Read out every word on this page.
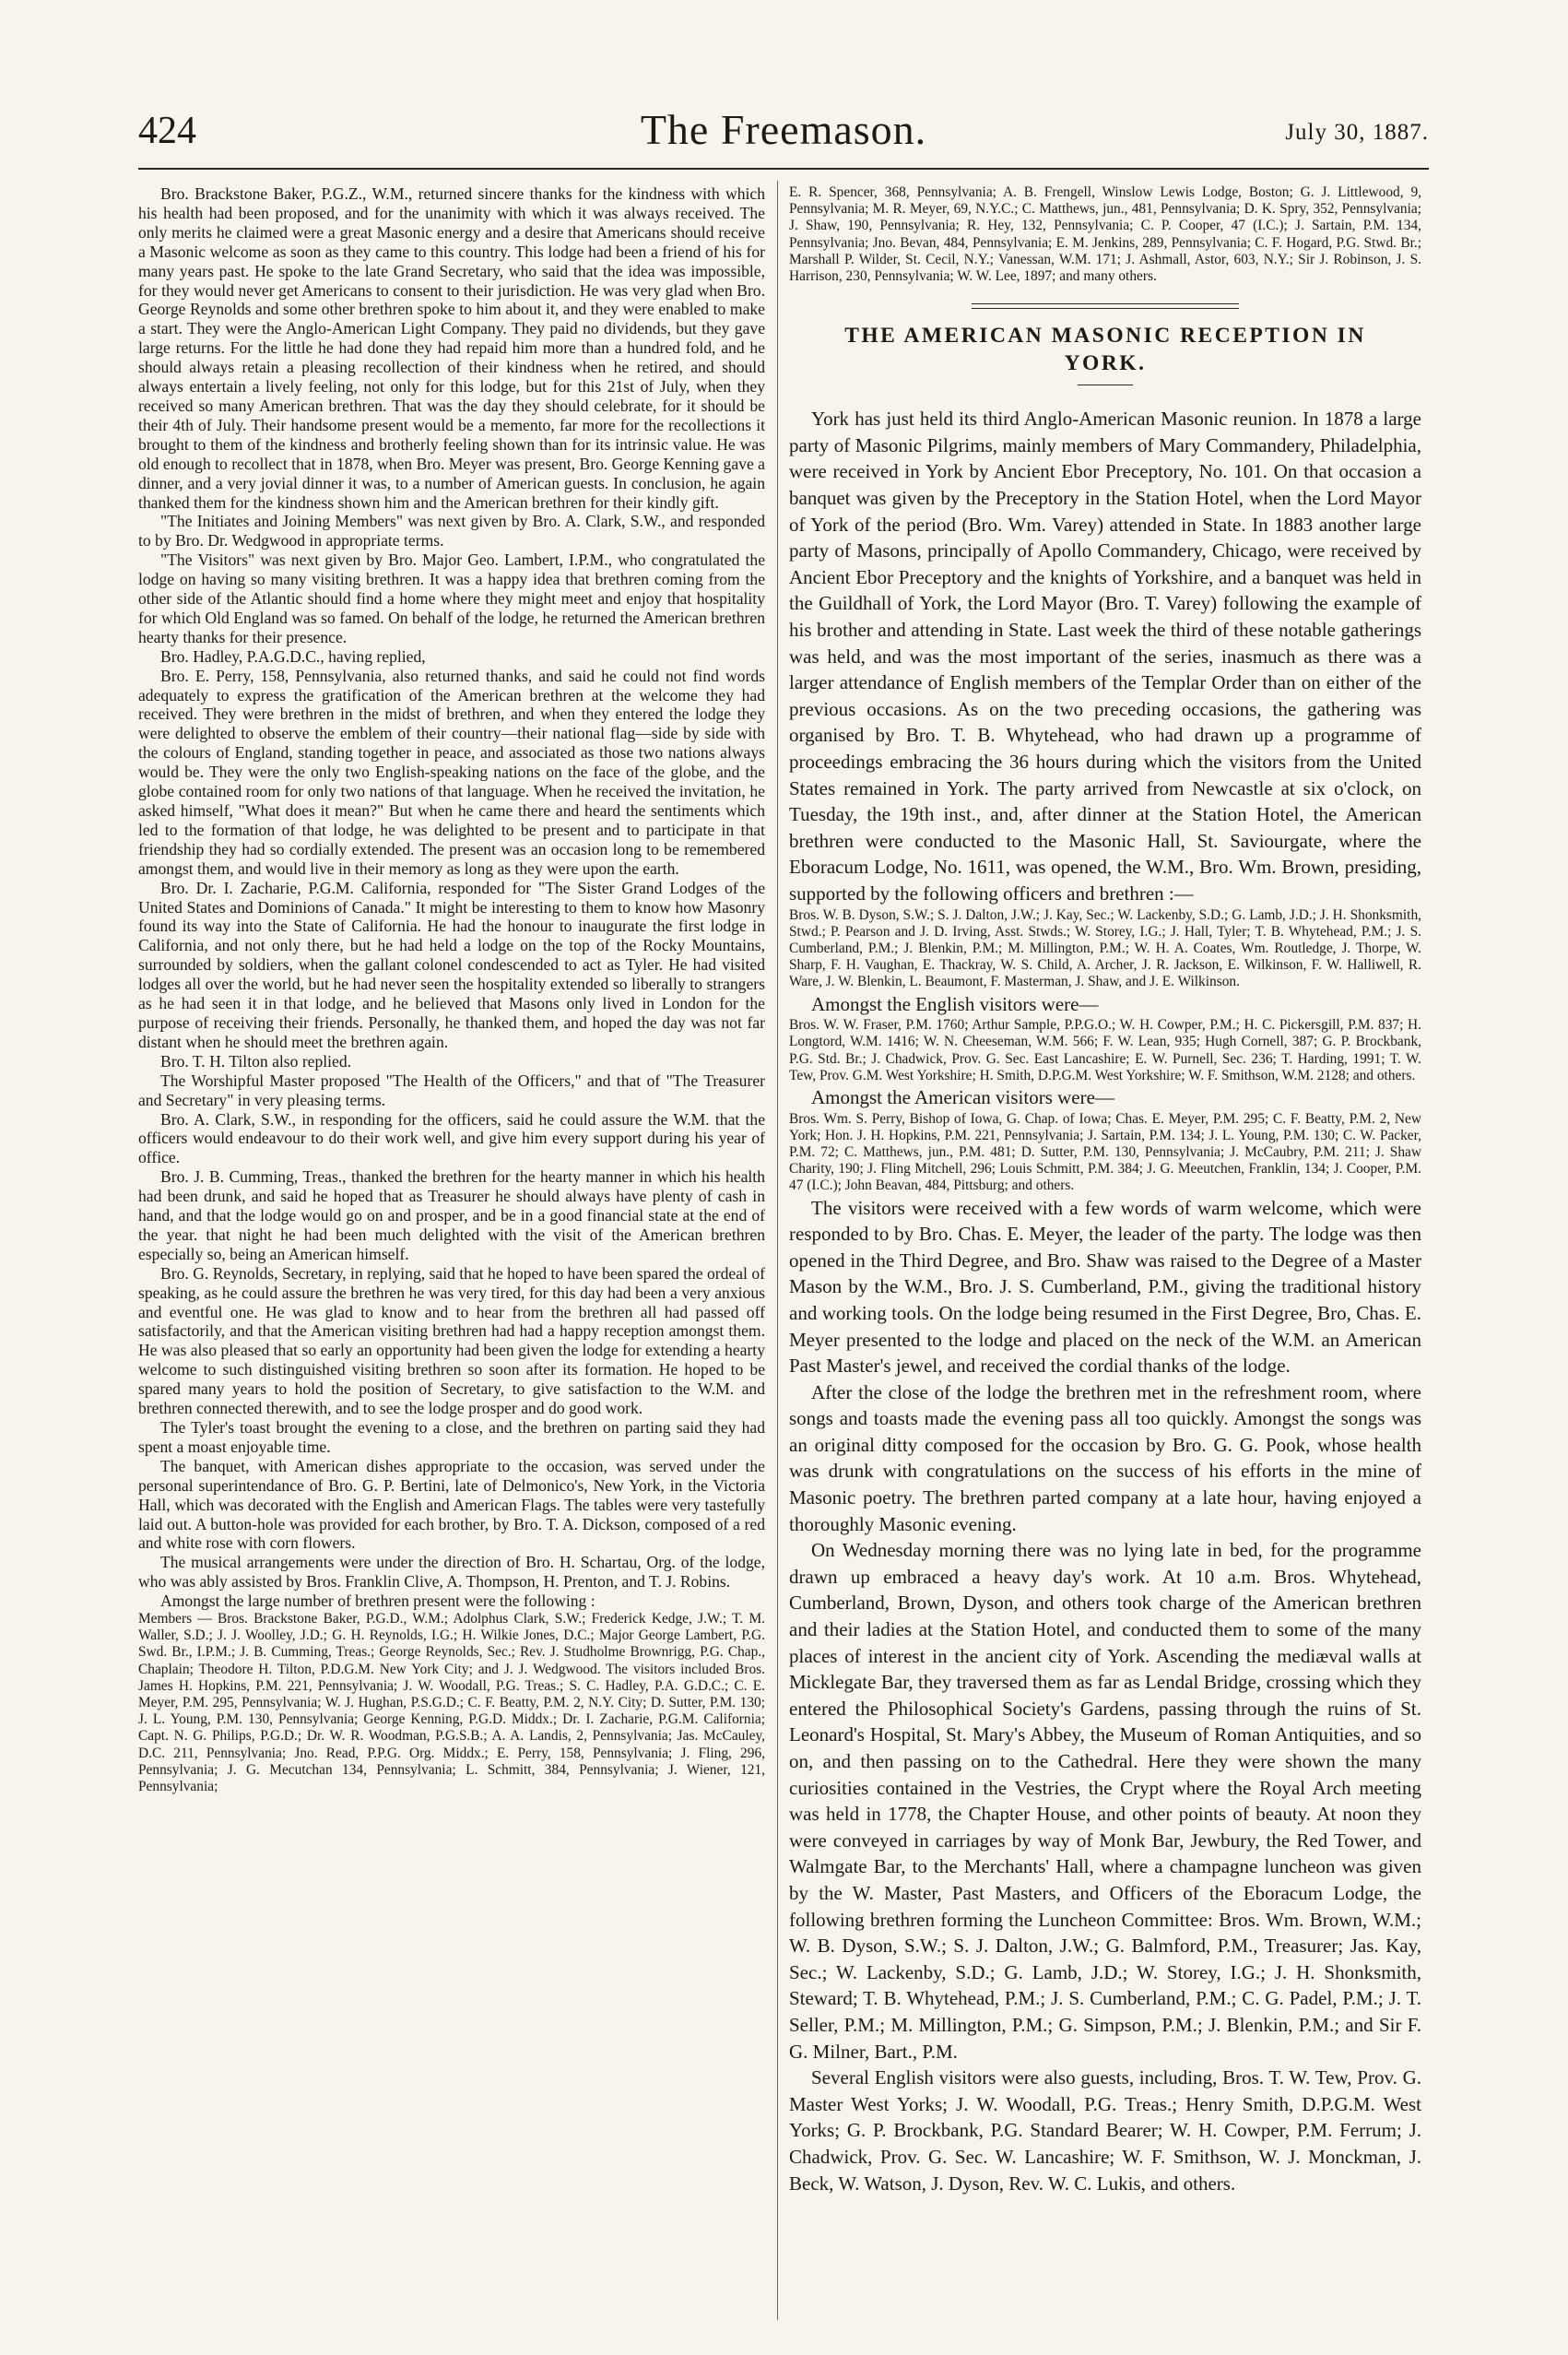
424	The Freemason.	July 30, 1887.

Bro. Brackstone Baker, P.G.Z., W.M., returned sincere thanks for the kindness with which his health had been proposed, and for the unanimity with which it was always received. The only merits he claimed were a great Masonic energy and a desire that Americans should receive a Masonic welcome as soon as they came to this country. This lodge had been a friend of his for many years past. He spoke to the late Grand Secretary, who said that the idea was impossible, for they would never get Americans to consent to their jurisdiction. He was very glad when Bro. George Reynolds and some other brethren spoke to him about it, and they were enabled to make a start. They were the Anglo-American Light Company. They paid no dividends, but they gave large returns. For the little he had done they had repaid him more than a hundred fold, and he should always retain a pleasing recollection of their kindness when he retired, and should always entertain a lively feeling, not only for this lodge, but for this 21st of July, when they received so many American brethren. That was the day they should celebrate, for it should be their 4th of July. Their handsome present would be a memento, far more for the recollections it brought to them of the kindness and brotherly feeling shown than for its intrinsic value. He was old enough to recollect that in 1878, when Bro. Meyer was present, Bro. George Kenning gave a dinner, and a very jovial dinner it was, to a number of American guests. In conclusion, he again thanked them for the kindness shown him and the American brethren for their kindly gift.

"The Initiates and Joining Members" was next given by Bro. A. Clark, S.W., and responded to by Bro. Dr. Wedgwood in appropriate terms.

"The Visitors" was next given by Bro. Major Geo. Lambert, I.P.M., who congratulated the lodge on having so many visiting brethren. It was a happy idea that brethren coming from the other side of the Atlantic should find a home where they might meet and enjoy that hospitality for which Old England was so famed. On behalf of the lodge, he returned the American brethren hearty thanks for their presence.

Bro. Hadley, P.A.G.D.C., having replied,

Bro. E. Perry, 158, Pennsylvania, also returned thanks, and said he could not find words adequately to express the gratification of the American brethren at the welcome they had received. They were brethren in the midst of brethren, and when they entered the lodge they were delighted to observe the emblem of their country—their national flag—side by side with the colours of England, standing together in peace, and associated as those two nations always would be. They were the only two English-speaking nations on the face of the globe, and the globe contained room for only two nations of that language. When he received the invitation, he asked himself, "What does it mean?" But when he came there and heard the sentiments which led to the formation of that lodge, he was delighted to be present and to participate in that friendship they had so cordially extended. The present was an occasion long to be remembered amongst them, and would live in their memory as long as they were upon the earth.

Bro. Dr. I. Zacharie, P.G.M. California, responded for "The Sister Grand Lodges of the United States and Dominions of Canada." It might be interesting to them to know how Masonry found its way into the State of California. He had the honour to inaugurate the first lodge in California, and not only there, but he had held a lodge on the top of the Rocky Mountains, surrounded by soldiers, when the gallant colonel condescended to act as Tyler. He had visited lodges all over the world, but he had never seen the hospitality extended so liberally to strangers as he had seen it in that lodge, and he believed that Masons only lived in London for the purpose of receiving their friends. Personally, he thanked them, and hoped the day was not far distant when he should meet the brethren again.

Bro. T. H. Tilton also replied.

The Worshipful Master proposed "The Health of the Officers," and that of "The Treasurer and Secretary" in very pleasing terms.

Bro. A. Clark, S.W., in responding for the officers, said he could assure the W.M. that the officers would endeavour to do their work well, and give him every support during his year of office.

Bro. J. B. Cumming, Treas., thanked the brethren for the hearty manner in which his health had been drunk, and said he hoped that as Treasurer he should always have plenty of cash in hand, and that the lodge would go on and prosper, and be in a good financial state at the end of the year. that night he had been much delighted with the visit of the American brethren especially so, being an American himself.

Bro. G. Reynolds, Secretary, in replying, said that he hoped to have been spared the ordeal of speaking, as he could assure the brethren he was very tired, for this day had been a very anxious and eventful one. He was glad to know and to hear from the brethren all had passed off satisfactorily, and that the American visiting brethren had had a happy reception amongst them. He was also pleased that so early an opportunity had been given the lodge for extending a hearty welcome to such distinguished visiting brethren so soon after its formation. He hoped to be spared many years to hold the position of Secretary, to give satisfaction to the W.M. and brethren connected therewith, and to see the lodge prosper and do good work.

The Tyler's toast brought the evening to a close, and the brethren on parting said they had spent a moast enjoyable time.

The banquet, with American dishes appropriate to the occasion, was served under the personal superintendance of Bro. G. P. Bertini, late of Delmonico's, New York, in the Victoria Hall, which was decorated with the English and American Flags. The tables were very tastefully laid out. A button-hole was provided for each brother, by Bro. T. A. Dickson, composed of a red and white rose with corn flowers.

The musical arrangements were under the direction of Bro. H. Schartau, Org. of the lodge, who was ably assisted by Bros. Franklin Clive, A. Thompson, H. Prenton, and T. J. Robins.

Amongst the large number of brethren present were the following :

Members — Bros. Brackstone Baker, P.G.D., W.M.; Adolphus Clark, S.W.; Frederick Kedge, J.W.; T. M. Waller, S.D.; J. J. Woolley, J.D.; G. H. Reynolds, I.G.; H. Wilkie Jones, D.C.; Major George Lambert, P.G. Swd. Br., I.P.M.; J. B. Cumming, Treas.; George Reynolds, Sec.; Rev. J. Studholme Brownrigg, P.G. Chap., Chaplain; Theodore H. Tilton, P.D.G.M. New York City; and J. J. Wedgwood. The visitors included Bros. James H. Hopkins, P.M. 221, Pennsylvania; J. W. Woodall, P.G. Treas.; S. C. Hadley, P.A. G.D.C.; C. E. Meyer, P.M. 295, Pennsylvania; W. J. Hughan, P.S.G.D.; C. F. Beatty, P.M. 2, N.Y. City; D. Sutter, P.M. 130; J. L. Young, P.M. 130, Pennsylvania; George Kenning, P.G.D. Middx.; Dr. I. Zacharie, P.G.M. California; Capt. N. G. Philips, P.G.D.; Dr. W. R. Woodman, P.G.S.B.; A. A. Landis, 2, Pennsylvania; Jas. McCauley, D.C. 211, Pennsylvania; Jno. Read, P.P.G. Org. Middx.; E. Perry, 158, Pennsylvania; J. Fling, 296, Pennsylvania; J. G. Mecutchan 134, Pennsylvania; L. Schmitt, 384, Pennsylvania; J. Wiener, 121, Pennsylvania;

E. R. Spencer, 368, Pennsylvania; A. B. Frengell, Winslow Lewis Lodge, Boston; G. J. Littlewood, 9, Pennsylvania; M. R. Meyer, 69, N.Y.C.; C. Matthews, jun., 481, Pennsylvania; D. K. Spry, 352, Pennsylvania; J. Shaw, 190, Pennsylvania; R. Hey, 132, Pennsylvania; C. P. Cooper, 47 (I.C.); J. Sartain, P.M. 134, Pennsylvania; Jno. Bevan, 484, Pennsylvania; E. M. Jenkins, 289, Pennsylvania; C. F. Hogard, P.G. Stwd. Br.; Marshall P. Wilder, St. Cecil, N.Y.; Vanessan, W.M. 171; J. Ashmall, Astor, 603, N.Y.; Sir J. Robinson, J. S. Harrison, 230, Pennsylvania; W. W. Lee, 1897; and many others.

THE AMERICAN MASONIC RECEPTION IN
YORK.

York has just held its third Anglo-American Masonic reunion. In 1878 a large party of Masonic Pilgrims, mainly members of Mary Commandery, Philadelphia, were received in York by Ancient Ebor Preceptory, No. 101. On that occasion a banquet was given by the Preceptory in the Station Hotel, when the Lord Mayor of York of the period (Bro. Wm. Varey) attended in State. In 1883 another large party of Masons, principally of Apollo Commandery, Chicago, were received by Ancient Ebor Preceptory and the knights of Yorkshire, and a banquet was held in the Guildhall of York, the Lord Mayor (Bro. T. Varey) following the example of his brother and attending in State. Last week the third of these notable gatherings was held, and was the most important of the series, inasmuch as there was a larger attendance of English members of the Templar Order than on either of the previous occasions. As on the two preceding occasions, the gathering was organised by Bro. T. B. Whytehead, who had drawn up a programme of proceedings embracing the 36 hours during which the visitors from the United States remained in York. The party arrived from Newcastle at six o'clock, on Tuesday, the 19th inst., and, after dinner at the Station Hotel, the American brethren were conducted to the Masonic Hall, St. Saviourgate, where the Eboracum Lodge, No. 1611, was opened, the W.M., Bro. Wm. Brown, presiding, supported by the following officers and brethren :—

Bros. W. B. Dyson, S.W.; S. J. Dalton, J.W.; J. Kay, Sec.; W. Lackenby, S.D.; G. Lamb, J.D.; J. H. Shonksmith, Stwd.; P. Pearson and J. D. Irving, Asst. Stwds.; W. Storey, I.G.; J. Hall, Tyler; T. B. Whytehead, P.M.; J. S. Cumberland, P.M.; J. Blenkin, P.M.; M. Millington, P.M.; W. H. A. Coates, Wm. Routledge, J. Thorpe, W. Sharp, F. H. Vaughan, E. Thackray, W. S. Child, A. Archer, J. R. Jackson, E. Wilkinson, F. W. Halliwell, R. Ware, J. W. Blenkin, L. Beaumont, F. Masterman, J. Shaw, and J. E. Wilkinson.

Amongst the English visitors were—

Bros. W. W. Fraser, P.M. 1760; Arthur Sample, P.P.G.O.; W. H. Cowper, P.M.; H. C. Pickersgill, P.M. 837; H. Longtord, W.M. 1416; W. N. Cheeseman, W.M. 566; F. W. Lean, 935; Hugh Cornell, 387; G. P. Brockbank, P.G. Std. Br.; J. Chadwick, Prov. G. Sec. East Lancashire; E. W. Purnell, Sec. 236; T. Harding, 1991; T. W. Tew, Prov. G.M. West Yorkshire; H. Smith, D.P.G.M. West Yorkshire; W. F. Smithson, W.M. 2128; and others.

Amongst the American visitors were—

Bros. Wm. S. Perry, Bishop of Iowa, G. Chap. of Iowa; Chas. E. Meyer, P.M. 295; C. F. Beatty, P.M. 2, New York; Hon. J. H. Hopkins, P.M. 221, Pennsylvania; J. Sartain, P.M. 134; J. L. Young, P.M. 130; C. W. Packer, P.M. 72; C. Matthews, jun., P.M. 481; D. Sutter, P.M. 130, Pennsylvania; J. McCaubry, P.M. 211; J. Shaw Charity, 190; J. Fling Mitchell, 296; Louis Schmitt, P.M. 384; J. G. Meeutchen, Franklin, 134; J. Cooper, P.M. 47 (I.C.); John Beavan, 484, Pittsburg; and others.

The visitors were received with a few words of warm welcome, which were responded to by Bro. Chas. E. Meyer, the leader of the party. The lodge was then opened in the Third Degree, and Bro. Shaw was raised to the Degree of a Master Mason by the W.M., Bro. J. S. Cumberland, P.M., giving the traditional history and working tools. On the lodge being resumed in the First Degree, Bro, Chas. E. Meyer presented to the lodge and placed on the neck of the W.M. an American Past Master's jewel, and received the cordial thanks of the lodge.

After the close of the lodge the brethren met in the refreshment room, where songs and toasts made the evening pass all too quickly. Amongst the songs was an original ditty composed for the occasion by Bro. G. G. Pook, whose health was drunk with congratulations on the success of his efforts in the mine of Masonic poetry. The brethren parted company at a late hour, having enjoyed a thoroughly Masonic evening.

On Wednesday morning there was no lying late in bed, for the programme drawn up embraced a heavy day's work. At 10 a.m. Bros. Whytehead, Cumberland, Brown, Dyson, and others took charge of the American brethren and their ladies at the Station Hotel, and conducted them to some of the many places of interest in the ancient city of York. Ascending the mediæval walls at Micklegate Bar, they traversed them as far as Lendal Bridge, crossing which they entered the Philosophical Society's Gardens, passing through the ruins of St. Leonard's Hospital, St. Mary's Abbey, the Museum of Roman Antiquities, and so on, and then passing on to the Cathedral. Here they were shown the many curiosities contained in the Vestries, the Crypt where the Royal Arch meeting was held in 1778, the Chapter House, and other points of beauty. At noon they were conveyed in carriages by way of Monk Bar, Jewbury, the Red Tower, and Walmgate Bar, to the Merchants' Hall, where a champagne luncheon was given by the W. Master, Past Masters, and Officers of the Eboracum Lodge, the following brethren forming the Luncheon Committee: Bros. Wm. Brown, W.M.; W. B. Dyson, S.W.; S. J. Dalton, J.W.; G. Balmford, P.M., Treasurer; Jas. Kay, Sec.; W. Lackenby, S.D.; G. Lamb, J.D.; W. Storey, I.G.; J. H. Shonksmith, Steward; T. B. Whytehead, P.M.; J. S. Cumberland, P.M.; C. G. Padel, P.M.; J. T. Seller, P.M.; M. Millington, P.M.; G. Simpson, P.M.; J. Blenkin, P.M.; and Sir F. G. Milner, Bart., P.M.

Several English visitors were also guests, including, Bros. T. W. Tew, Prov. G. Master West Yorks; J. W. Woodall, P.G. Treas.; Henry Smith, D.P.G.M. West Yorks; G. P. Brockbank, P.G. Standard Bearer; W. H. Cowper, P.M. Ferrum; J. Chadwick, Prov. G. Sec. W. Lancashire; W. F. Smithson, W. J. Monckman, J. Beck, W. Watson, J. Dyson, Rev. W. C. Lukis, and others.
